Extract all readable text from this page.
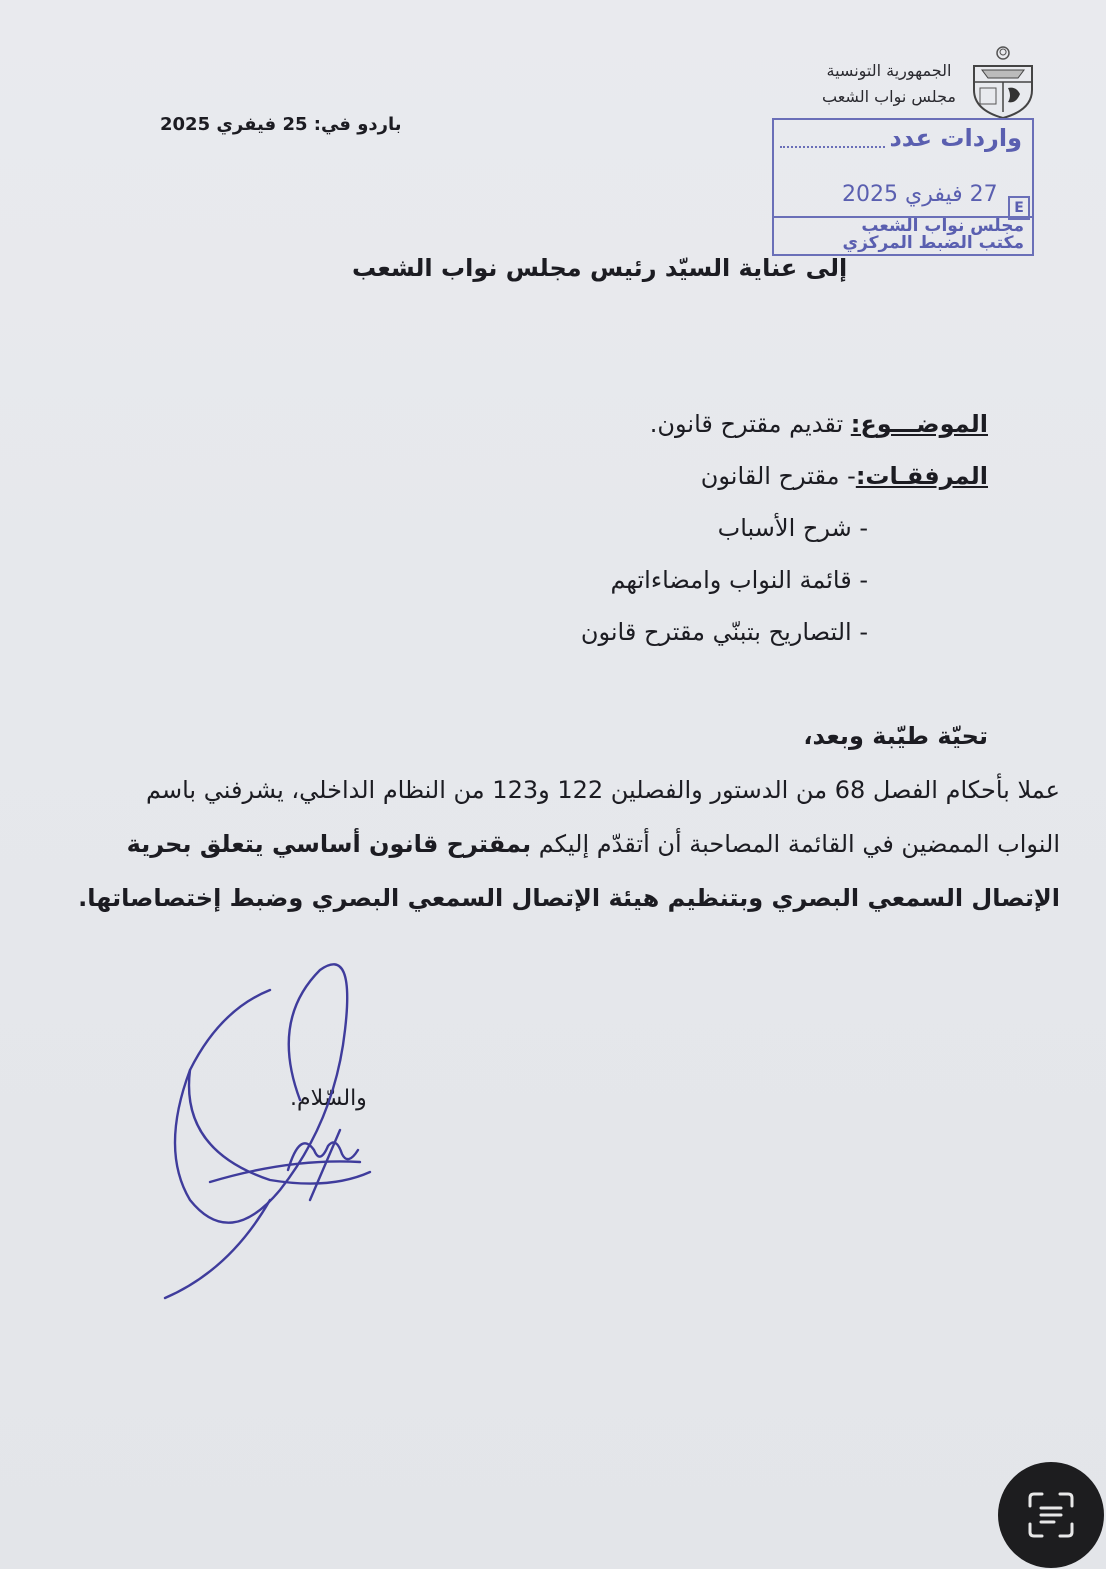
الجمهورية التونسية
مجلس نواب الشعب
باردو في: 25 فيفري 2025	واردات عدد
27 فيفري 2025
E
مجلس نواب الشعب
مكتب الضبط المركزي
إلى عناية السيّد رئيس مجلس نواب الشعب
الموضـــوع: تقديم مقترح قانون.
المرفقـات:- مقترح القانون
- شرح الأسباب
- قائمة النواب وامضاءاتهم
- التصاريح بتبنّي مقترح قانون
تحيّة طيّبة وبعد،
عملا بأحكام الفصل 68 من الدستور والفصلين 122 و123 من النظام الداخلي، يشرفني باسم
النواب الممضين في القائمة المصاحبة أن أتقدّم إليكم بمقترح قانون أساسي يتعلق بحرية
الإتصال السمعي البصري وبتنظيم هيئة الإتصال السمعي البصري وضبط إختصاصاتها.
والسّلام.
